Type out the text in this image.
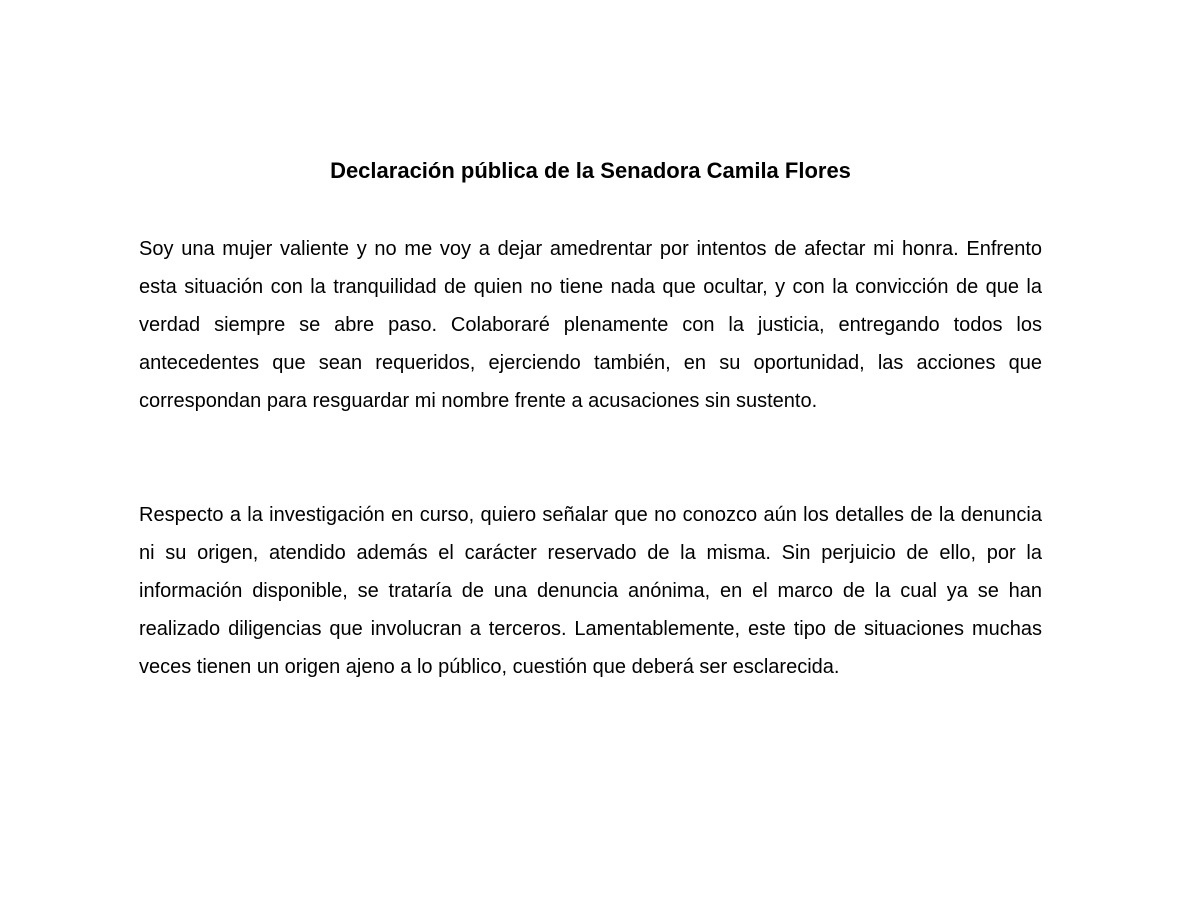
Declaración pública de la Senadora Camila Flores

Soy una mujer valiente y no me voy a dejar amedrentar por intentos de afectar mi honra. Enfrento esta situación con la tranquilidad de quien no tiene nada que ocultar, y con la convicción de que la verdad siempre se abre paso. Colaboraré plenamente con la justicia, entregando todos los antecedentes que sean requeridos, ejerciendo también, en su oportunidad, las acciones que correspondan para resguardar mi nombre frente a acusaciones sin sustento.

Respecto a la investigación en curso, quiero señalar que no conozco aún los detalles de la denuncia ni su origen, atendido además el carácter reservado de la misma. Sin perjuicio de ello, por la información disponible, se trataría de una denuncia anónima, en el marco de la cual ya se han realizado diligencias que involucran a terceros. Lamentablemente, este tipo de situaciones muchas veces tienen un origen ajeno a lo público, cuestión que deberá ser esclarecida.
